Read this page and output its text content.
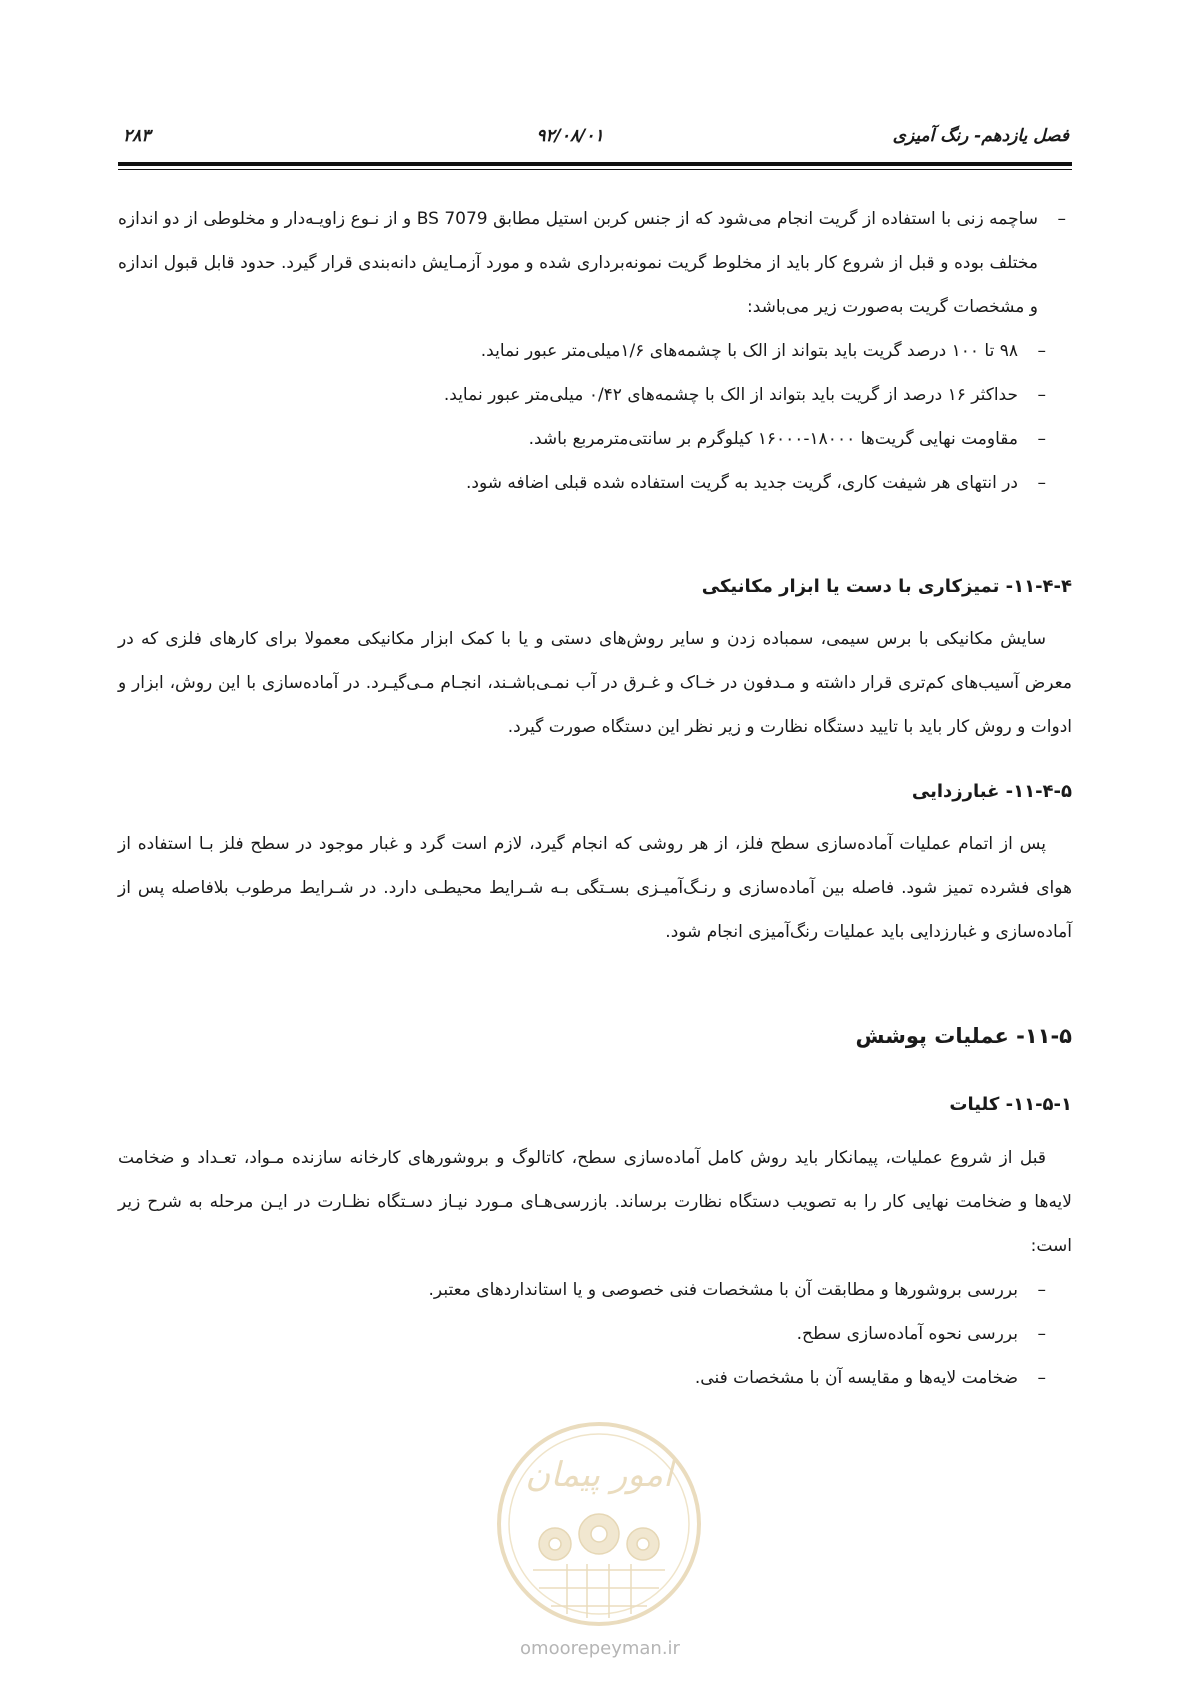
فصل یازدهم- رنگ آمیزی
۹۲/۰۸/۰۱
۲۸۳
–
ساچمه زنی با استفاده از گریت انجام می‌شود که از جنس کربن استیل مطابق BS 7079 و از نـوع زاویـه‌دار و مخلوطی از دو اندازه مختلف بوده و قبل از شروع کار باید از مخلوط گریت نمونه‌برداری شده و مورد آزمـایش دانه‌بندی قرار گیرد. حدود قابل قبول اندازه و مشخصات گریت به‌صورت زیر می‌باشد:
–
۹۸ تا ۱۰۰ درصد گریت باید بتواند از الک با چشمه‌های ۱/۶میلی‌متر عبور نماید.
–
حداکثر ۱۶ درصد از گریت باید بتواند از الک با چشمه‌های ۰/۴۲ میلی‌متر عبور نماید.
–
مقاومت نهایی گریت‌ها ۱۸۰۰۰-۱۶۰۰۰ کیلوگرم بر سانتی‌مترمربع باشد.
–
در انتهای هر شیفت کاری، گریت جدید به گریت استفاده شده قبلی اضافه شود.
۱۱-۴-۴- تمیزکاری با دست یا ابزار مکانیکی
سایش مکانیکی با برس سیمی، سمباده زدن و سایر روش‌های دستی و یا با کمک ابزار مکانیکی معمولا برای کارهای فلزی که در معرض آسیب‌های کم‌تری قرار داشته و مـدفون در خـاک و غـرق در آب نمـی‌باشـند، انجـام مـی‌گیـرد. در آماده‌سازی با این روش، ابزار و ادوات و روش کار باید با تایید دستگاه نظارت و زیر نظر این دستگاه صورت گیرد.
۱۱-۴-۵- غبارزدایی
پس از اتمام عملیات آماده‌سازی سطح فلز، از هر روشی که انجام گیرد، لازم است گرد و غبار موجود در سطح فلز بـا استفاده از هوای فشرده تمیز شود. فاصله بین آماده‌سازی و رنـگ‌آمیـزی بسـتگی بـه شـرایط محیطـی دارد. در شـرایط مرطوب بلافاصله پس از آماده‌سازی و غبارزدایی باید عملیات رنگ‌آمیزی انجام شود.
۱۱-۵- عملیات پوشش
۱۱-۵-۱- کلیات
قبل از شروع عملیات، پیمانکار باید روش کامل آماده‌سازی سطح، کاتالوگ و بروشورهای کارخانه سازنده مـواد، تعـداد و ضخامت لایه‌ها و ضخامت نهایی کار را به تصویب دستگاه نظارت برساند. بازرسی‌هـای مـورد نیـاز دسـتگاه نظـارت در ایـن مرحله به شرح زیر است:
–
بررسی بروشورها و مطابقت آن با مشخصات فنی خصوصی و یا استانداردهای معتبر.
–
بررسی نحوه آماده‌سازی سطح.
–
ضخامت لایه‌ها و مقایسه آن با مشخصات فنی.
امور پیمان
omoorepeyman.ir
